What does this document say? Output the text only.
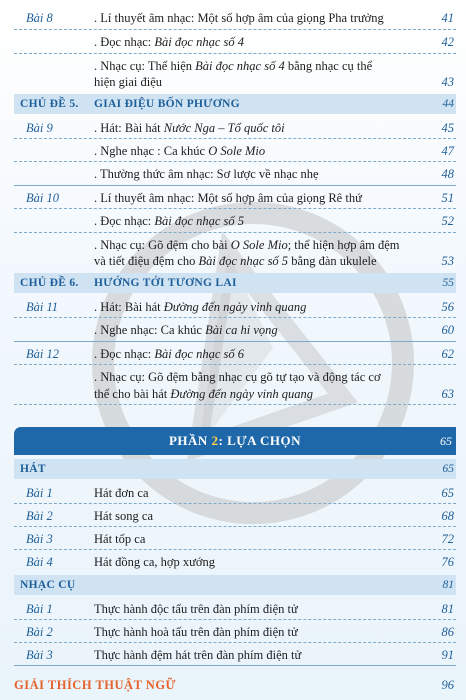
Bài 8	. Lí thuyết âm nhạc: Một số hợp âm của giọng Pha trưởng	41
. Đọc nhạc: Bài đọc nhạc số 4	42
. Nhạc cụ: Thể hiện Bài đọc nhạc số 4 bằng nhạc cụ thể
hiện giai điệu	43
CHỦ ĐỀ 5. GIAI ĐIỆU BỐN PHƯƠNG	44
Bài 9	. Hát: Bài hát Nước Nga – Tổ quốc tôi	45
. Nghe nhạc : Ca khúc O Sole Mio	47
. Thường thức âm nhạc: Sơ lược về nhạc nhẹ	48
Bài 10	. Lí thuyết âm nhạc: Một số hợp âm của giọng Rê thứ	51
. Đọc nhạc: Bài đọc nhạc số 5	52
. Nhạc cụ: Gõ đệm cho bài O Sole Mio; thể hiện hợp âm đệm
và tiết điệu đệm cho Bài đọc nhạc số 5 bằng đàn ukulele	53
CHỦ ĐỀ 6. HƯỚNG TỚI TƯƠNG LAI	55
Bài 11	. Hát: Bài hát Đường đến ngày vinh quang	56
. Nghe nhạc: Ca khúc Bài ca hi vọng	60
Bài 12	. Đọc nhạc: Bài đọc nhạc số 6	62
. Nhạc cụ: Gõ đệm bằng nhạc cụ gõ tự tạo và động tác cơ
thể cho bài hát Đường đến ngày vinh quang	63
PHẦN 2: LỰA CHỌN	65
HÁT	65
Bài 1	Hát đơn ca	65
Bài 2	Hát song ca	68
Bài 3	Hát tốp ca	72
Bài 4	Hát đồng ca, hợp xướng	76
NHẠC CỤ	81
Bài 1	Thực hành độc tấu trên đàn phím điện tử	81
Bài 2	Thực hành hoà tấu trên đàn phím điện tử	86
Bài 3	Thực hành đệm hát trên đàn phím điện tử	91
GIẢI THÍCH THUẬT NGỮ	96
